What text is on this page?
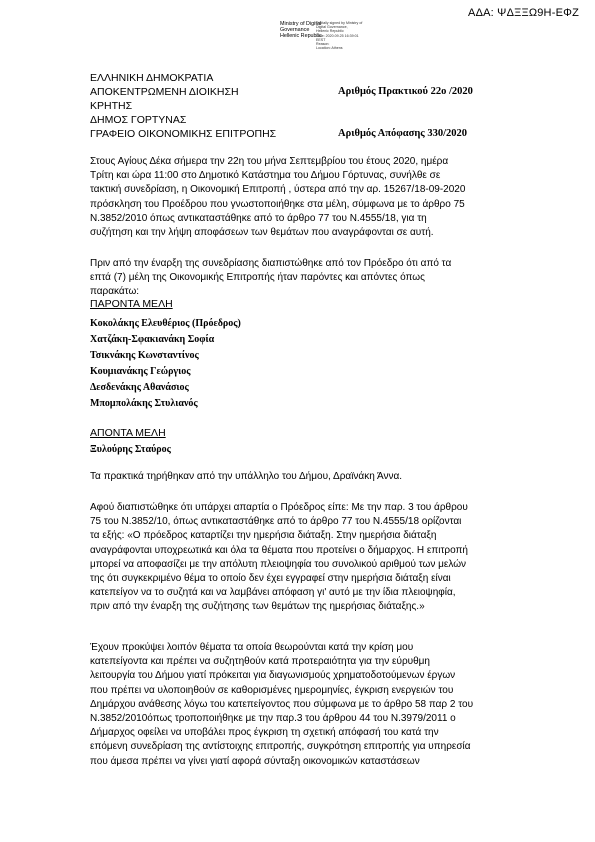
ΑΔΑ: ΨΔΞΞΩ9Η-ΕΦΖ
Ministry of Digital
Governance
Hellenic Republic
Digitally signed by Ministry of
Digital Governance,
Hellenic Republic
Date: 2020.09.25 16:39:01
EEST
Reason:
Location: Athens
ΕΛΛΗΝΙΚΗ ΔΗΜΟΚΡΑΤΙΑ
ΑΠΟΚΕΝΤΡΩΜΕΝΗ ΔΙΟΙΚΗΣΗ	Αριθμός Πρακτικού 22ο /2020
ΚΡΗΤΗΣ
ΔΗΜΟΣ ΓΟΡΤΥΝΑΣ
ΓΡΑΦΕΙΟ ΟΙΚΟΝΟΜΙΚΗΣ ΕΠΙΤΡΟΠΗΣ	Αριθμός Απόφασης 330/2020
Στους Αγίους Δέκα σήμερα την 22η του μήνα Σεπτεμβρίου του έτους 2020, ημέρα
Τρίτη και ώρα 11:00 στο Δημοτικό Κατάστημα του Δήμου Γόρτυνας, συνήλθε σε
τακτική συνεδρίαση, η Οικονομική Επιτροπή , ύστερα από την αρ. 15267/18-09-2020
πρόσκληση του Προέδρου που γνωστοποιήθηκε στα μέλη, σύμφωνα με το άρθρο 75
Ν.3852/2010 όπως αντικαταστάθηκε από το άρθρο 77 του Ν.4555/18, για τη
συζήτηση και την λήψη αποφάσεων των θεμάτων που αναγράφονται σε αυτή.
Πριν από την έναρξη της συνεδρίασης διαπιστώθηκε από τον Πρόεδρο ότι από τα
επτά (7) μέλη της Οικονομικής Επιτροπής ήταν παρόντες και απόντες όπως
παρακάτω:
ΠΑΡΟΝΤΑ ΜΕΛΗ
Κοκολάκης Ελευθέριος (Πρόεδρος)
Χατζάκη-Σφακιανάκη Σοφία
Τσικνάκης Κωνσταντίνος
Κουμιανάκης Γεώργιος
Δεσδενάκης Αθανάσιος
Μπομπολάκης Στυλιανός
ΑΠΟΝΤΑ ΜΕΛΗ
Ξυλούρης Σταύρος
Τα πρακτικά τηρήθηκαν από την υπάλληλο του Δήμου, Δραϊνάκη Άννα.
Αφού διαπιστώθηκε ότι υπάρχει απαρτία ο Πρόεδρος είπε: Με την παρ. 3 του άρθρου
75 του Ν.3852/10, όπως αντικαταστάθηκε από το άρθρο 77 του Ν.4555/18 ορίζονται
τα εξής: «Ο πρόεδρος καταρτίζει την ημερήσια διάταξη. Στην ημερήσια διάταξη
αναγράφονται υποχρεωτικά και όλα τα θέματα που προτείνει ο δήμαρχος. Η επιτροπή
μπορεί να αποφασίζει με την απόλυτη πλειοψηφία του συνολικού αριθμού των μελών
της ότι συγκεκριμένο θέμα το οποίο δεν έχει εγγραφεί στην ημερήσια διάταξη είναι
κατεπείγον να το συζητά και να λαμβάνει απόφαση γι' αυτό με την ίδια πλειοψηφία,
πριν από την έναρξη της συζήτησης των θεμάτων της ημερήσιας διάταξης.»
Έχουν προκύψει λοιπόν θέματα τα οποία θεωρούνται κατά την κρίση μου
κατεπείγοντα και πρέπει να συζητηθούν κατά προτεραιότητα για την εύρυθμη
λειτουργία του Δήμου γιατί πρόκειται για διαγωνισμούς χρηματοδοτούμενων έργων
που πρέπει να υλοποιηθούν σε καθορισμένες ημερομηνίες, έγκριση ενεργειών του
Δημάρχου ανάθεσης λόγω του κατεπείγοντος που σύμφωνα με το άρθρο 58 παρ 2 του
Ν.3852/2010όπως τροποποιήθηκε με την παρ.3 του άρθρου 44 του Ν.3979/2011 ο
Δήμαρχος οφείλει να υποβάλει προς έγκριση τη σχετική απόφασή του κατά την
επόμενη συνεδρίαση της αντίστοιχης επιτροπής, συγκρότηση επιτροπής για υπηρεσία
που άμεσα πρέπει να γίνει γιατί αφορά σύνταξη οικονομικών καταστάσεων
